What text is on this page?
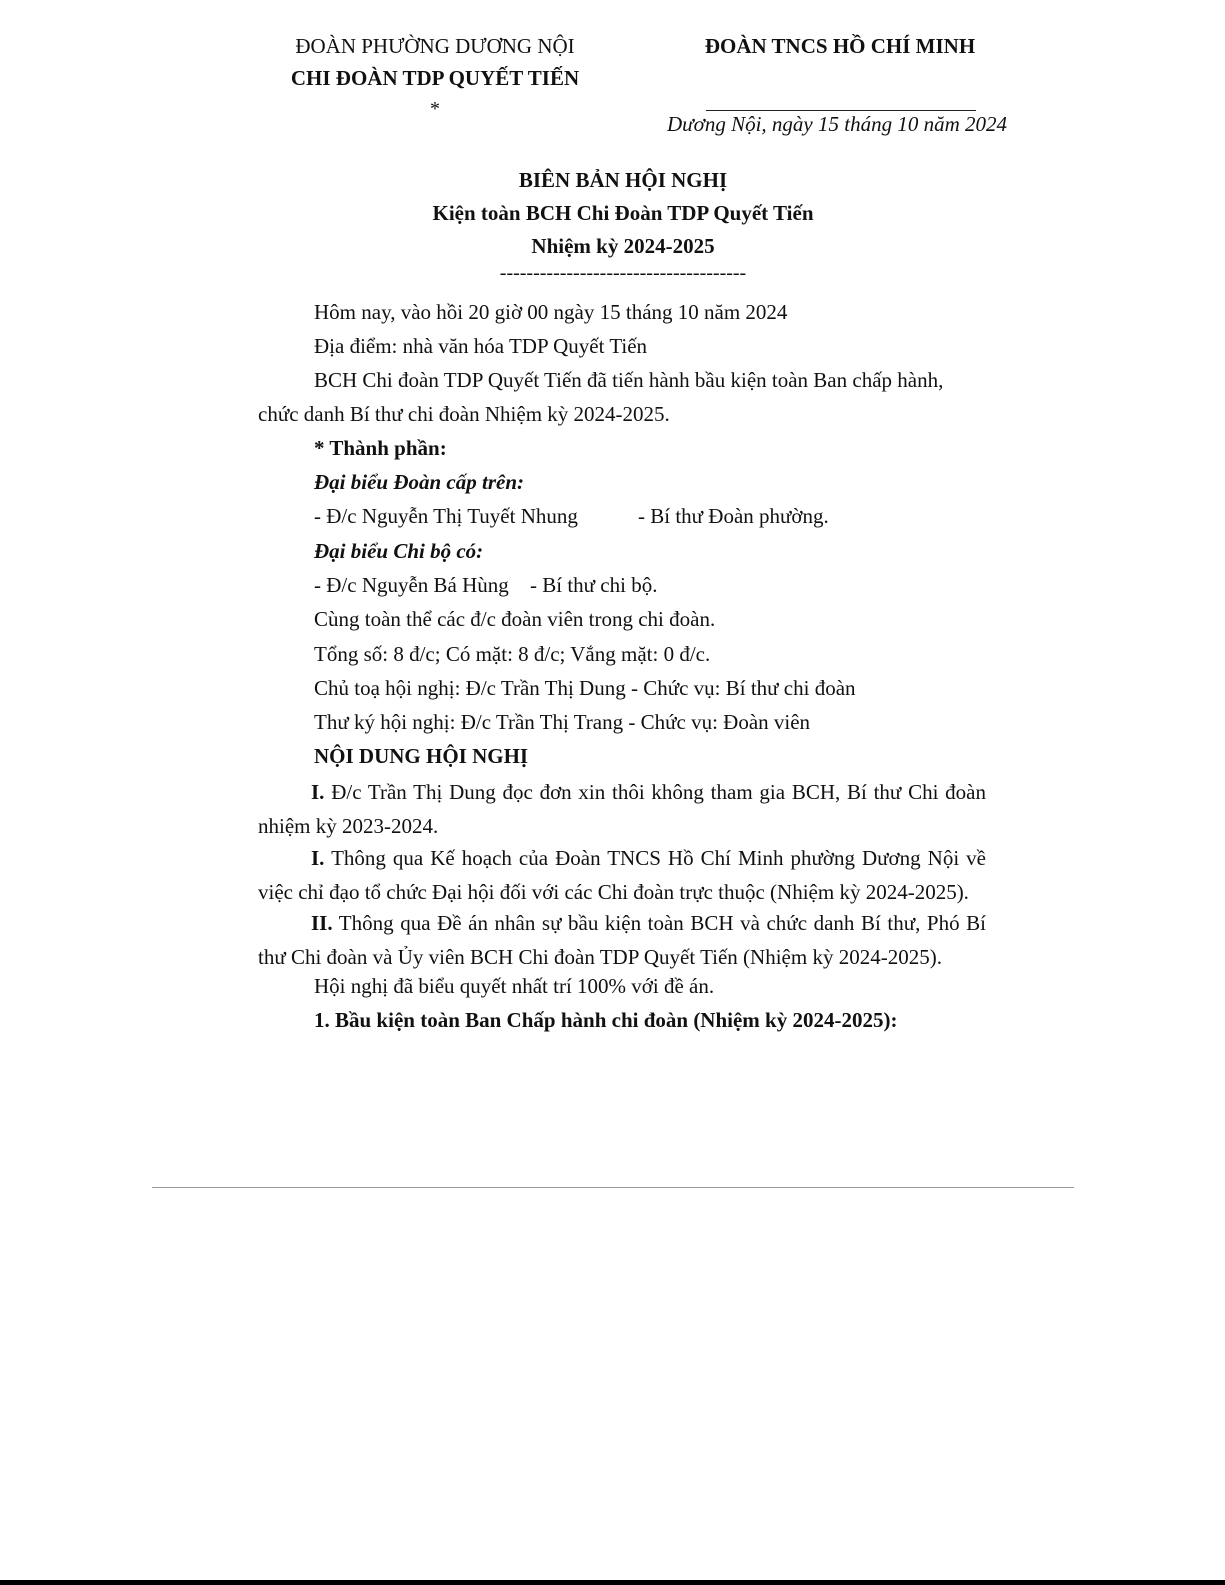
ĐOÀN PHƯỜNG DƯƠNG NỘI
CHI ĐOÀN TDP QUYẾT TIẾN
*
ĐOÀN TNCS HỒ CHÍ MINH
Dương Nội, ngày 15 tháng 10 năm 2024
BIÊN BẢN HỘI NGHỊ
Kiện toàn BCH Chi Đoàn TDP Quyết Tiến
Nhiệm kỳ 2024-2025
-------------------------------------
Hôm nay, vào hồi 20 giờ 00 ngày 15 tháng 10 năm 2024
Địa điểm: nhà văn hóa TDP Quyết Tiến
BCH Chi đoàn TDP Quyết Tiến đã tiến hành bầu kiện toàn Ban chấp hành,
chức danh Bí thư chi đoàn Nhiệm kỳ 2024-2025.
* Thành phần:
Đại biểu Đoàn cấp trên:
- Đ/c Nguyễn Thị Tuyết Nhung	- Bí thư Đoàn phường.
Đại biểu Chi bộ có:
- Đ/c Nguyễn Bá Hùng - Bí thư chi bộ.
Cùng toàn thể các đ/c đoàn viên trong chi đoàn.
Tổng số: 8 đ/c; Có mặt: 8 đ/c; Vắng mặt: 0 đ/c.
Chủ toạ hội nghị: Đ/c Trần Thị Dung - Chức vụ: Bí thư chi đoàn
Thư ký hội nghị: Đ/c Trần Thị Trang - Chức vụ: Đoàn viên
NỘI DUNG HỘI NGHỊ
I. Đ/c Trần Thị Dung đọc đơn xin thôi không tham gia BCH, Bí thư Chi đoàn nhiệm kỳ 2023-2024.
I. Thông qua Kế hoạch của Đoàn TNCS Hồ Chí Minh phường Dương Nội về việc chỉ đạo tổ chức Đại hội đối với các Chi đoàn trực thuộc (Nhiệm kỳ 2024-2025).
II. Thông qua Đề án nhân sự bầu kiện toàn BCH và chức danh Bí thư, Phó Bí thư Chi đoàn và Ủy viên BCH Chi đoàn TDP Quyết Tiến (Nhiệm kỳ 2024-2025).
Hội nghị đã biểu quyết nhất trí 100% với đề án.
1. Bầu kiện toàn Ban Chấp hành chi đoàn (Nhiệm kỳ 2024-2025):
